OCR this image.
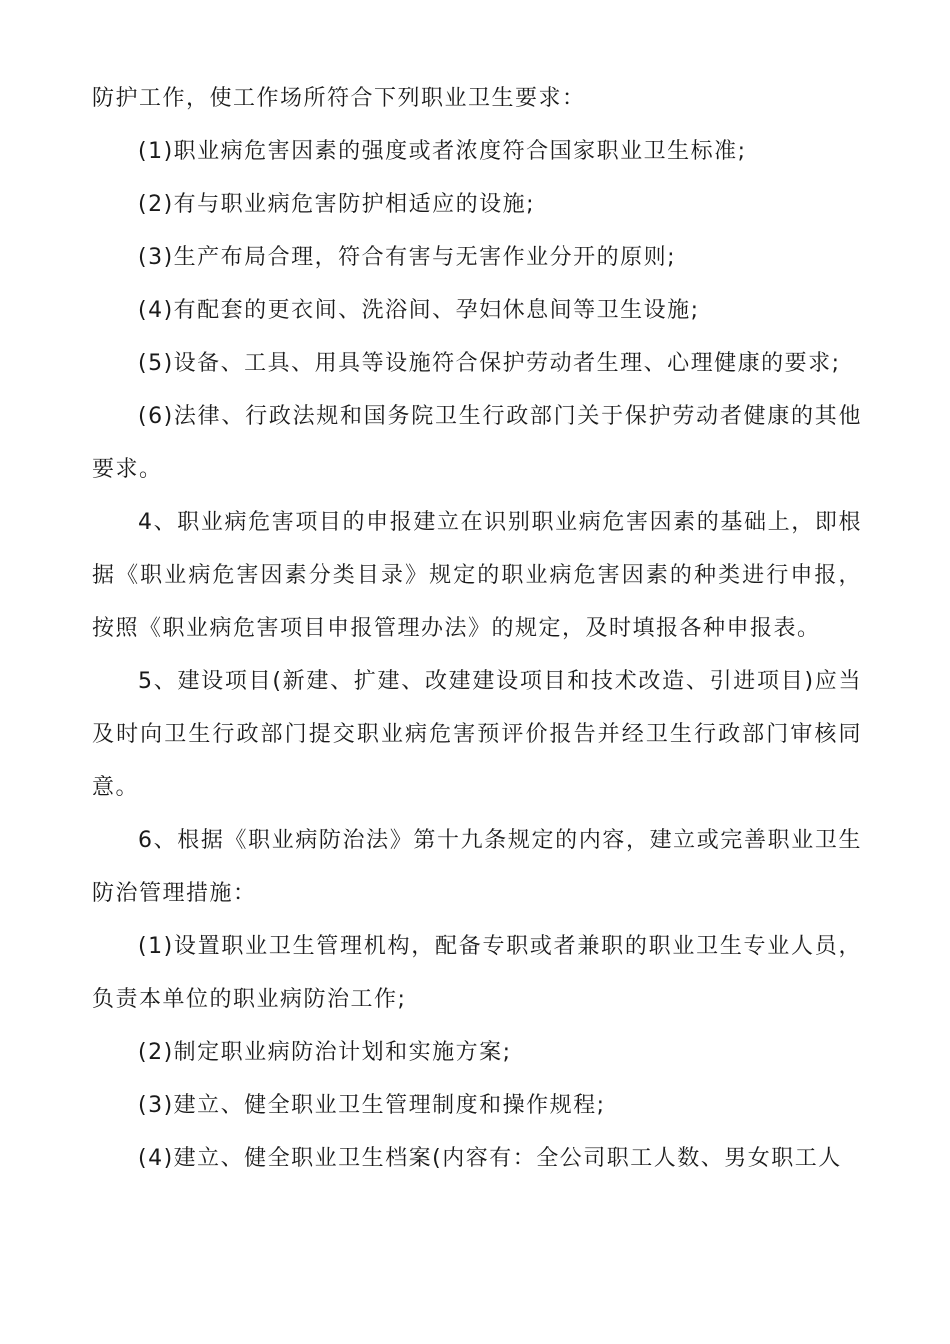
防护工作，使工作场所符合下列职业卫生要求：

(1)职业病危害因素的强度或者浓度符合国家职业卫生标准;

(2)有与职业病危害防护相适应的设施;

(3)生产布局合理，符合有害与无害作业分开的原则;

(4)有配套的更衣间、洗浴间、孕妇休息间等卫生设施;

(5)设备、工具、用具等设施符合保护劳动者生理、心理健康的要求;

(6)法律、行政法规和国务院卫生行政部门关于保护劳动者健康的其他要求。

4、职业病危害项目的申报建立在识别职业病危害因素的基础上，即根据《职业病危害因素分类目录》规定的职业病危害因素的种类进行申报，按照《职业病危害项目申报管理办法》的规定，及时填报各种申报表。

5、建设项目(新建、扩建、改建建设项目和技术改造、引进项目)应当及时向卫生行政部门提交职业病危害预评价报告并经卫生行政部门审核同意。

6、根据《职业病防治法》第十九条规定的内容，建立或完善职业卫生防治管理措施：

(1)设置职业卫生管理机构，配备专职或者兼职的职业卫生专业人员，负责本单位的职业病防治工作;

(2)制定职业病防治计划和实施方案;

(3)建立、健全职业卫生管理制度和操作规程;

(4)建立、健全职业卫生档案(内容有：全公司职工人数、男女职工人
